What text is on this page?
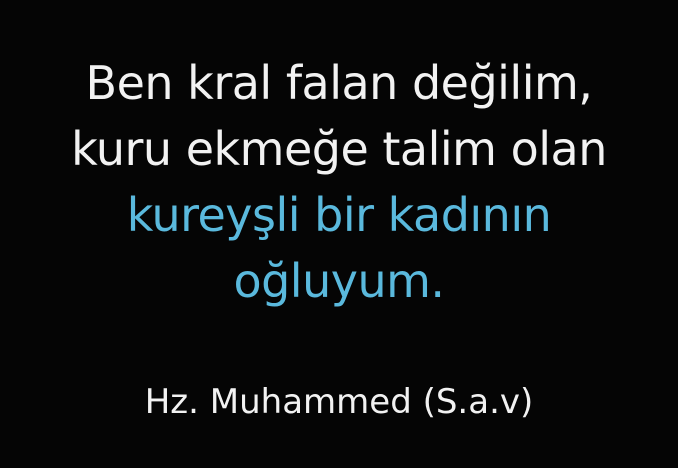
Ben kral falan değilim,
kuru ekmeğe talim olan
kureyşli bir kadının
oğluyum.
Hz. Muhammed (S.a.v)
